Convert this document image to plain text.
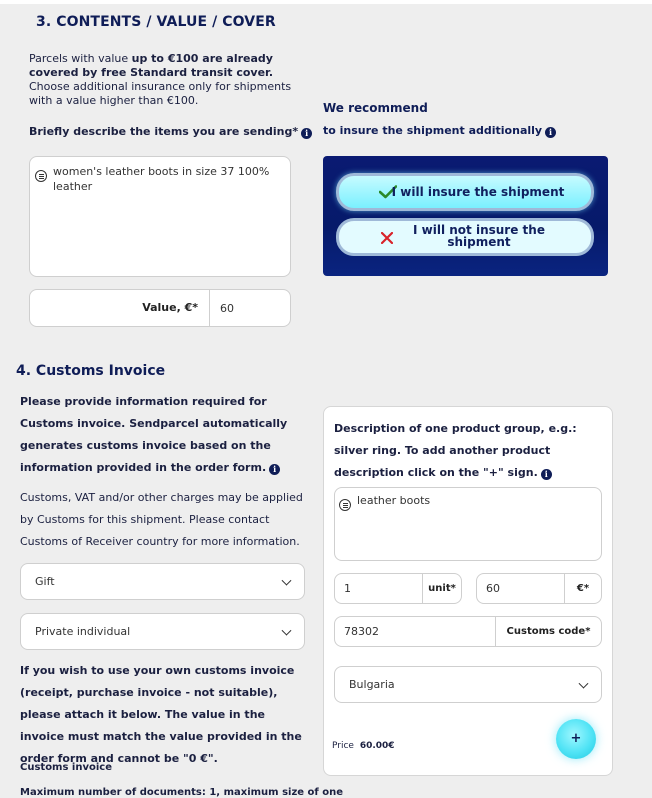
3. CONTENTS / VALUE / COVER
Parcels with value up to €100 are already covered by free Standard transit cover. Choose additional insurance only for shipments with a value higher than €100.
Briefly describe the items you are sending* i
women's leather boots in size 37 100% leather
Value, €* 60
We recommend
to insure the shipment additionally i
I will insure the shipment
I will not insure the shipment
4. Customs Invoice
Please provide information required for Customs invoice. Sendparcel automatically generates customs invoice based on the information provided in the order form. i
Customs, VAT and/or other charges may be applied by Customs for this shipment. Please contact Customs of Receiver country for more information.
Gift
Private individual
If you wish to use your own customs invoice (receipt, purchase invoice - not suitable), please attach it below. The value in the invoice must match the value provided in the order form and cannot be "0 €".
Customs invoice
Maximum number of documents: 1, maximum size of one
Description of one product group, e.g.: silver ring. To add another product description click on the "+" sign. i
leather boots
1	unit*	60	€*
78302	Customs code*
Bulgaria
Price 60.00€	+
